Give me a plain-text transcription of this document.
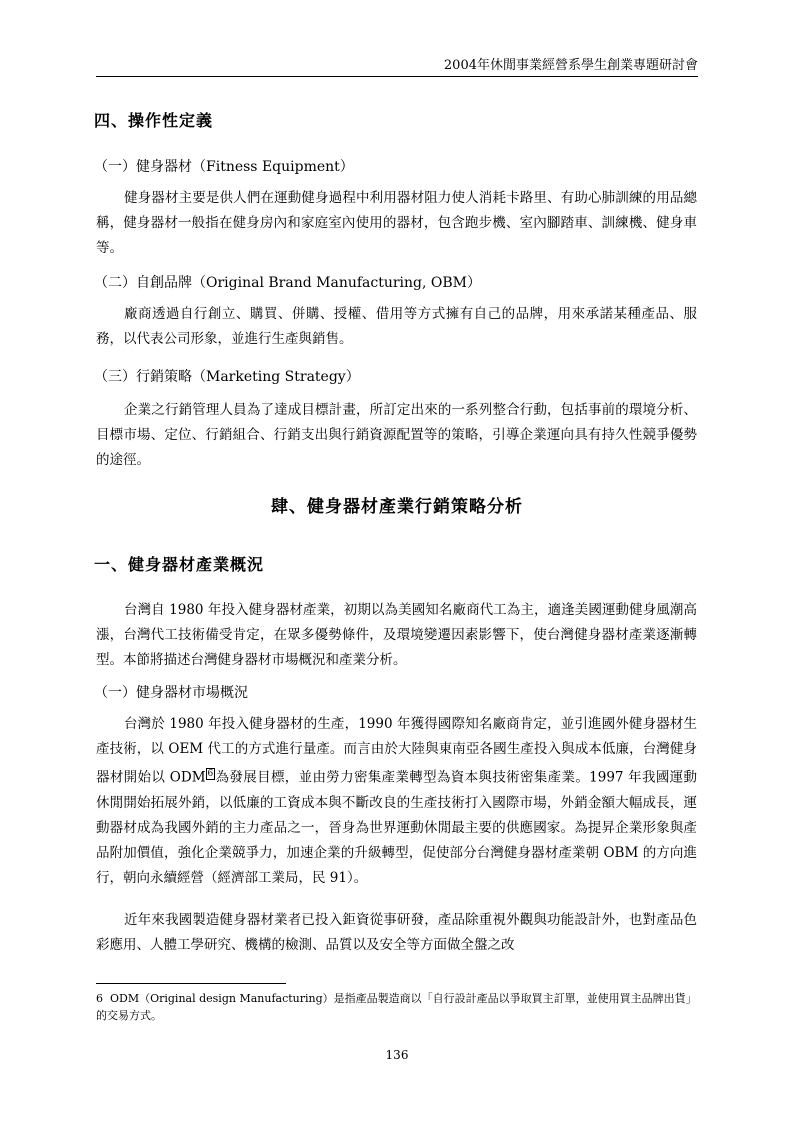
2004年休閒事業經營系學生創業專題研討會
四、操作性定義
（一）健身器材（Fitness Equipment）

健身器材主要是供人們在運動健身過程中利用器材阻力使人消耗卡路里、有助心肺訓練的用品總稱，健身器材一般指在健身房內和家庭室內使用的器材，包含跑步機、室內腳踏車、訓練機、健身車等。

（二）自創品牌（Original Brand Manufacturing, OBM）

廠商透過自行創立、購買、併購、授權、借用等方式擁有自己的品牌，用來承諾某種產品、服務，以代表公司形象，並進行生產與銷售。

（三）行銷策略（Marketing Strategy）

企業之行銷管理人員為了達成目標計畫，所訂定出來的一系列整合行動，包括事前的環境分析、目標市場、定位、行銷組合、行銷支出與行銷資源配置等的策略，引導企業運向具有持久性競爭優勢的途徑。

肆、健身器材產業行銷策略分析
一、健身器材產業概況

台灣自 1980 年投入健身器材產業，初期以為美國知名廠商代工為主，適逢美國運動健身風潮高漲，台灣代工技術備受肯定，在眾多優勢條件，及環境變遷因素影響下，使台灣健身器材產業逐漸轉型。本節將描述台灣健身器材市場概況和產業分析。

（一）健身器材市場概況

台灣於 1980 年投入健身器材的生產，1990 年獲得國際知名廠商肯定，並引進國外健身器材生產技術，以 OEM 代工的方式進行量產。而言由於大陸與東南亞各國生產投入與成本低廉，台灣健身器材開始以 ODM $^6$ 為發展目標，並由勞力密集產業轉型為資本與技術密集產業。1997 年我國運動休閒開始拓展外銷，以低廉的工資成本與不斷改良的生產技術打入國際市場，外銷金額大幅成長，運動器材成為我國外銷的主力產品之一，晉身為世界運動休閒最主要的供應國家。為提昇企業形象與產品附加價值，強化企業競爭力，加速企業的升級轉型，促使部分台灣健身器材產業朝 OBM 的方向進行，朝向永續經營（經濟部工業局，民 91）。

近年來我國製造健身器材業者已投入鉅資從事研發，產品除重視外觀與功能設計外，也對產品色彩應用、人體工學研究、機構的檢測、品質以及安全等方面做全盤之改

6 ODM（Original design Manufacturing）是指產品製造商以「自行設計產品以爭取買主訂單，並使用買主品牌出貨」的交易方式。
136
